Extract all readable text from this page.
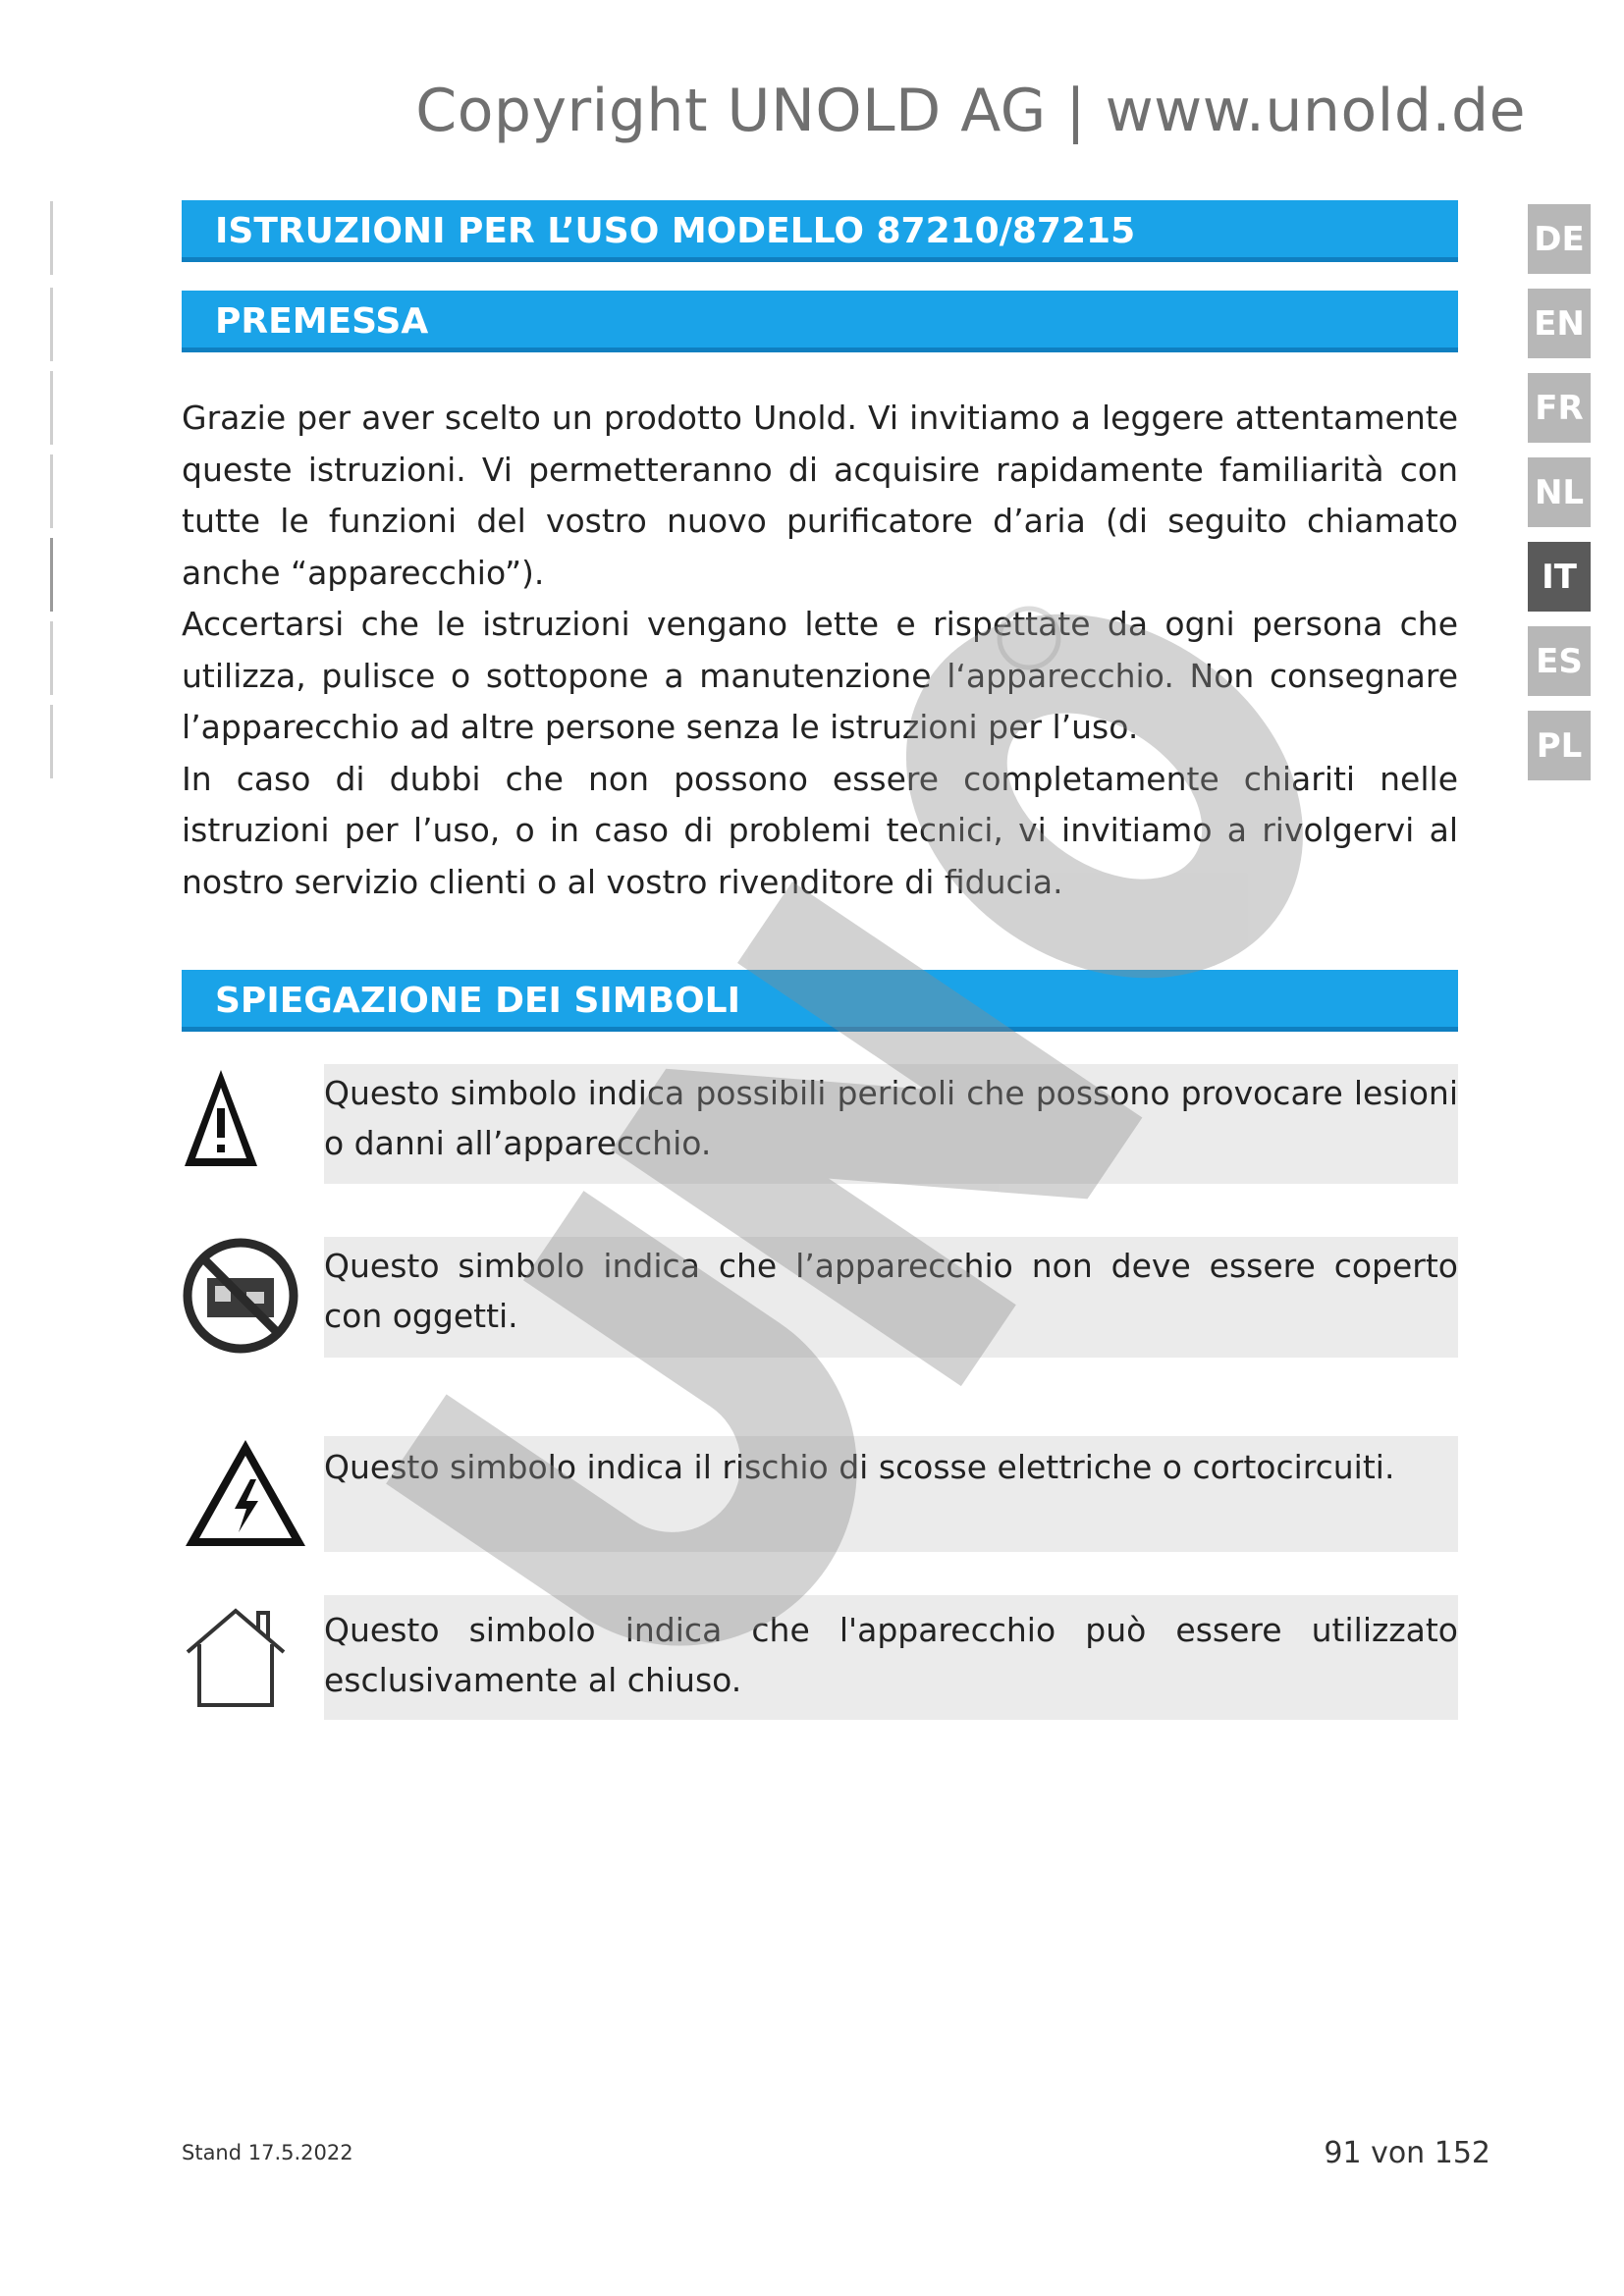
Copyright UNOLD AG | www.unold.de
ISTRUZIONI PER L’USO MODELLO 87210/87215
PREMESSA

Grazie per aver scelto un prodotto Unold. Vi invitiamo a leggere attentamente queste istruzioni. Vi permetteranno di acquisire rapidamente familiarità con tutte le funzioni del vostro nuovo purificatore d’aria (di seguito chiamato anche “apparecchio”).

Accertarsi che le istruzioni vengano lette e rispettate da ogni persona che utilizza, pulisce o sottopone a manutenzione l‘apparecchio. Non consegnare l’apparecchio ad altre persone senza le istruzioni per l’uso.

In caso di dubbi che non possono essere completamente chiariti nelle istruzioni per l’uso, o in caso di problemi tecnici, vi invitiamo a rivolgervi al nostro servizio clienti o al vostro rivenditore di fiducia.

SPIEGAZIONE DEI SIMBOLI
Questo simbolo indica possibili pericoli che possono provocare lesioni o danni all’apparecchio.
Questo simbolo indica che l’apparecchio non deve essere coperto con oggetti.
Questo simbolo indica il rischio di scosse elettriche o cortocircuiti.
Questo simbolo indica che l'apparecchio può essere utilizzato esclusivamente al chiuso.
DE
EN
FR
NL
IT
ES
PL
Stand 17.5.2022	91 von 152
